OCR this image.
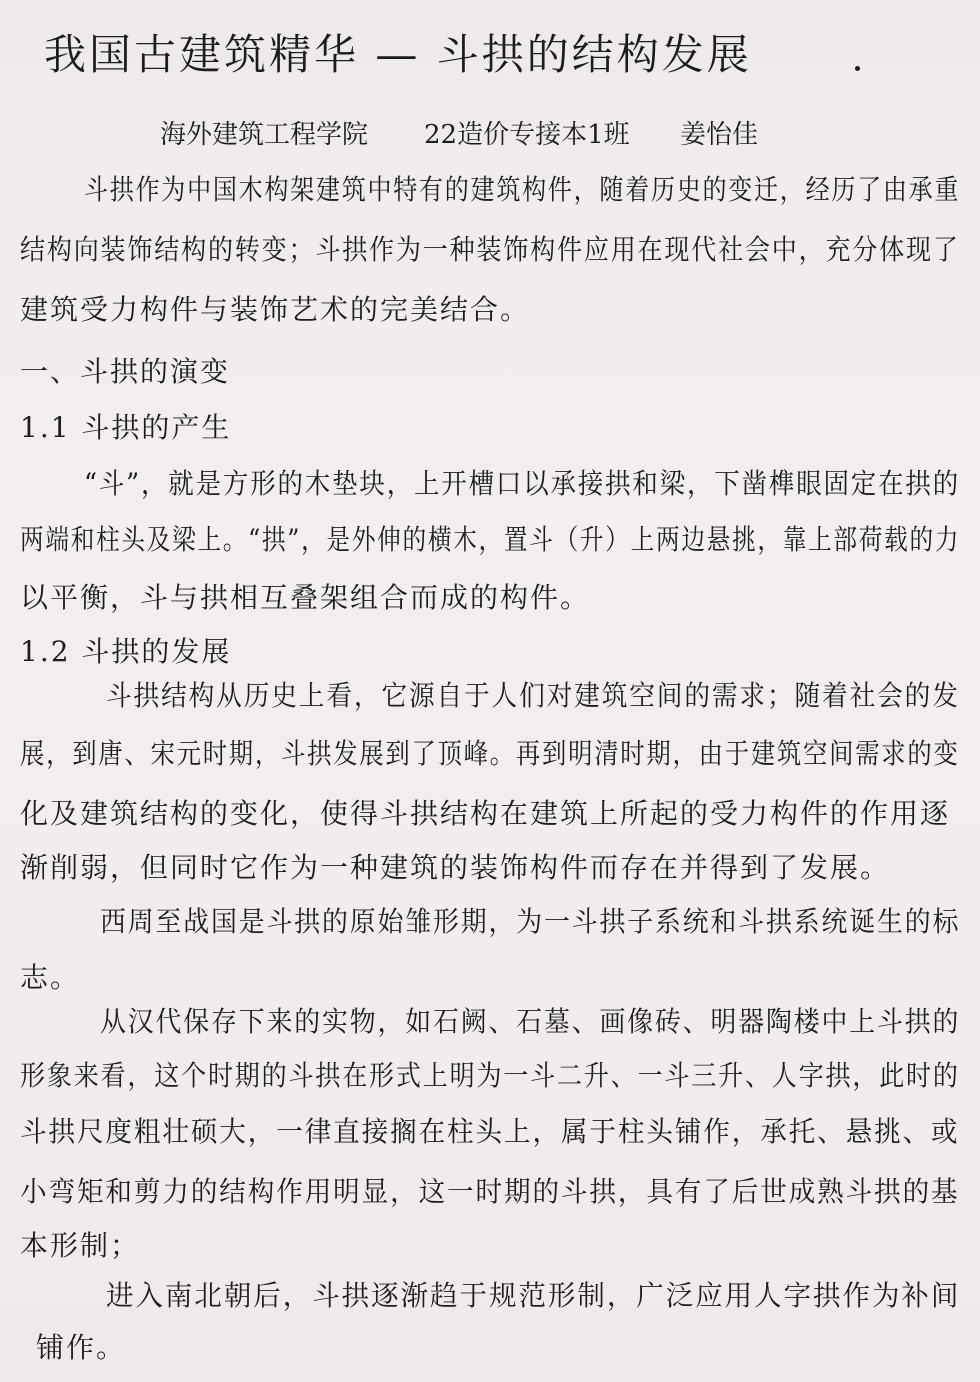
我国古建筑精华 — 斗拱的结构发展
海外建筑工程学院 22造价专接本1班 姜怡佳
斗拱作为中国木构架建筑中特有的建筑构件，随着历史的变迁，经历了由承重
结构向装饰结构的转变；斗拱作为一种装饰构件应用在现代社会中，充分体现了
建筑受力构件与装饰艺术的完美结合。
一、斗拱的演变
1.1 斗拱的产生
“斗”，就是方形的木垫块，上开槽口以承接拱和梁，下凿榫眼固定在拱的
两端和柱头及梁上。“拱”，是外伸的横木，置斗（升）上两边悬挑，靠上部荷载的力
以平衡，斗与拱相互叠架组合而成的构件。
1.2 斗拱的发展
斗拱结构从历史上看，它源自于人们对建筑空间的需求；随着社会的发
展，到唐、宋元时期，斗拱发展到了顶峰。再到明清时期，由于建筑空间需求的变
化及建筑结构的变化，使得斗拱结构在建筑上所起的受力构件的作用逐
渐削弱，但同时它作为一种建筑的装饰构件而存在并得到了发展。
西周至战国是斗拱的原始雏形期，为一斗拱子系统和斗拱系统诞生的标
志。
从汉代保存下来的实物，如石阙、石墓、画像砖、明器陶楼中上斗拱的
形象来看，这个时期的斗拱在形式上明为一斗二升、一斗三升、人字拱，此时的
斗拱尺度粗壮硕大，一律直接搁在柱头上，属于柱头铺作，承托、悬挑、或
小弯矩和剪力的结构作用明显，这一时期的斗拱，具有了后世成熟斗拱的基
本形制；
进入南北朝后，斗拱逐渐趋于规范形制，广泛应用人字拱作为补间
铺作。
